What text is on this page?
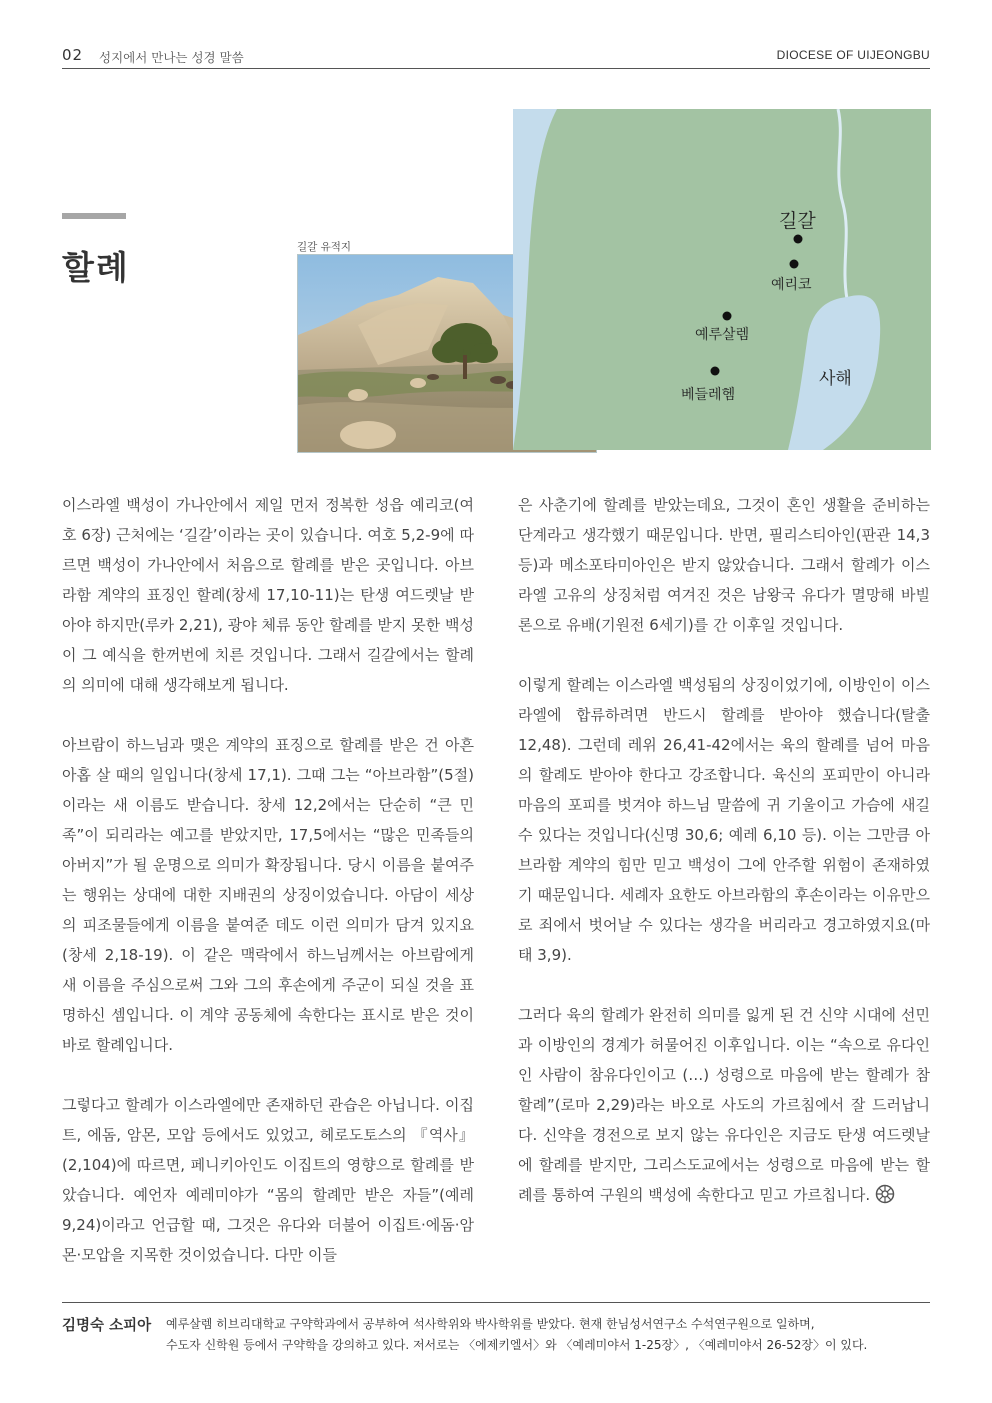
02 성지에서 만나는 성경 말씀	DIOCESE OF UIJEONGBU
할례
길갈 유적지
길갈
예리코
예루살렘
베들레헴
사해

이스라엘 백성이 가나안에서 제일 먼저 정복한 성읍 예리코(여호 6장) 근처에는 ‘길갈’이라는 곳이 있습니다. 여호 5,2-9에 따르면 백성이 가나안에서 처음으로 할례를 받은 곳입니다. 아브라함 계약의 표징인 할례(창세 17,10-11)는 탄생 여드렛날 받아야 하지만(루카 2,21), 광야 체류 동안 할례를 받지 못한 백성이 그 예식을 한꺼번에 치른 것입니다. 그래서 길갈에서는 할례의 의미에 대해 생각해보게 됩니다.

아브람이 하느님과 맺은 계약의 표징으로 할례를 받은 건 아흔아홉 살 때의 일입니다(창세 17,1). 그때 그는 “아브라함”(5절)이라는 새 이름도 받습니다. 창세 12,2에서는 단순히 “큰 민족”이 되리라는 예고를 받았지만, 17,5에서는 “많은 민족들의 아버지”가 될 운명으로 의미가 확장됩니다. 당시 이름을 붙여주는 행위는 상대에 대한 지배권의 상징이었습니다. 아담이 세상의 피조물들에게 이름을 붙여준 데도 이런 의미가 담겨 있지요(창세 2,18-19). 이 같은 맥락에서 하느님께서는 아브람에게 새 이름을 주심으로써 그와 그의 후손에게 주군이 되실 것을 표명하신 셈입니다. 이 계약 공동체에 속한다는 표시로 받은 것이 바로 할례입니다.

그렇다고 할례가 이스라엘에만 존재하던 관습은 아닙니다. 이집트, 에돔, 암몬, 모압 등에서도 있었고, 헤로도토스의 『역사』(2,104)에 따르면, 페니키아인도 이집트의 영향으로 할례를 받았습니다. 예언자 예레미야가 “몸의 할례만 받은 자들”(예레 9,24)이라고 언급할 때, 그것은 유다와 더불어 이집트·에돔·암몬·모압을 지목한 것이었습니다. 다만 이들

은 사춘기에 할례를 받았는데요, 그것이 혼인 생활을 준비하는 단계라고 생각했기 때문입니다. 반면, 필리스티아인(판관 14,3 등)과 메소포타미아인은 받지 않았습니다. 그래서 할례가 이스라엘 고유의 상징처럼 여겨진 것은 남왕국 유다가 멸망해 바빌론으로 유배(기원전 6세기)를 간 이후일 것입니다.

이렇게 할례는 이스라엘 백성됨의 상징이었기에, 이방인이 이스라엘에 합류하려면 반드시 할례를 받아야 했습니다(탈출 12,48). 그런데 레위 26,41-42에서는 육의 할례를 넘어 마음의 할례도 받아야 한다고 강조합니다. 육신의 포피만이 아니라 마음의 포피를 벗겨야 하느님 말씀에 귀 기울이고 가슴에 새길 수 있다는 것입니다(신명 30,6; 예레 6,10 등). 이는 그만큼 아브라함 계약의 힘만 믿고 백성이 그에 안주할 위험이 존재하였기 때문입니다. 세례자 요한도 아브라함의 후손이라는 이유만으로 죄에서 벗어날 수 있다는 생각을 버리라고 경고하였지요(마태 3,9).

그러다 육의 할례가 완전히 의미를 잃게 된 건 신약 시대에 선민과 이방인의 경계가 허물어진 이후입니다. 이는 “속으로 유다인인 사람이 참유다인이고 (…) 성령으로 마음에 받는 할례가 참할례”(로마 2,29)라는 바오로 사도의 가르침에서 잘 드러납니다. 신약을 경전으로 보지 않는 유다인은 지금도 탄생 여드렛날에 할례를 받지만, 그리스도교에서는 성령으로 마음에 받는 할례를 통하여 구원의 백성에 속한다고 믿고 가르칩니다.

김명숙 소피아 예루살렘 히브리대학교 구약학과에서 공부하여 석사학위와 박사학위를 받았다. 현재 한님성서연구소 수석연구원으로 일하며,
수도자 신학원 등에서 구약학을 강의하고 있다. 저서로는 〈에제키엘서〉와 〈예레미야서 1-25장〉, 〈예레미야서 26-52장〉이 있다.
